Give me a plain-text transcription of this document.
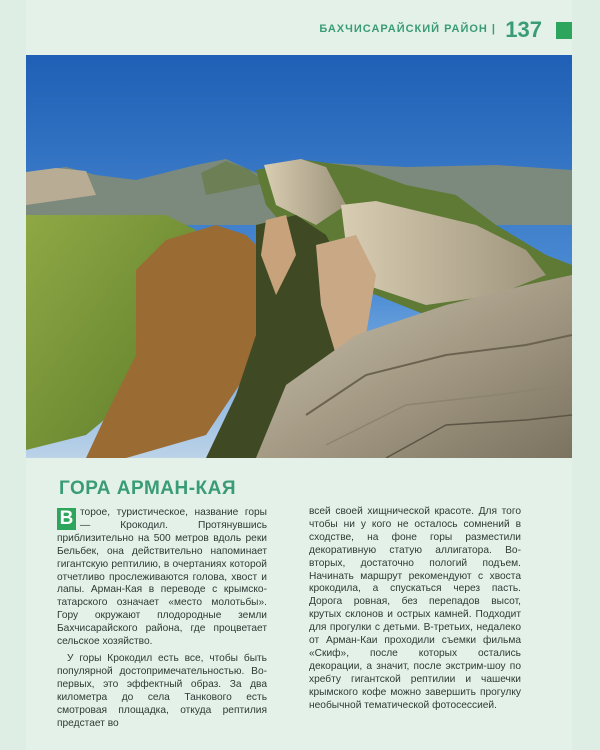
БАХЧИСАРАЙСКИЙ РАЙОН | 137
ГОРА АРМАН-КАЯ

В торое, туристическое, название горы — Крокодил. Протянувшись приблизительно на 500 метров вдоль реки Бельбек, она действительно напоминает гигантскую рептилию, в очертаниях которой отчетливо прослеживаются голова, хвост и лапы. Арман-Кая в переводе с крымско-татарского означает «место молотьбы». Гору окружают плодородные земли Бахчисарайского района, где процветает сельское хозяйство.

У горы Крокодил есть все, чтобы быть популярной достопримечательностью. Во-первых, это эффектный образ. За два километра до села Танкового есть смотровая площадка, откуда рептилия предстает во

всей своей хищнической красоте. Для того чтобы ни у кого не осталось сомнений в сходстве, на фоне горы разместили декоративную статую аллигатора. Во-вторых, достаточно пологий подъем. Начинать маршрут рекомендуют с хвоста крокодила, а спускаться через пасть. Дорога ровная, без перепадов высот, крутых склонов и острых камней. Подходит для прогулки с детьми. В-третьих, недалеко от Арман-Каи проходили съемки фильма «Скиф», после которых остались декорации, а значит, после экстрим-шоу по хребту гигантской рептилии и чашечки крымского кофе можно завершить прогулку необычной тематической фотосессией.
